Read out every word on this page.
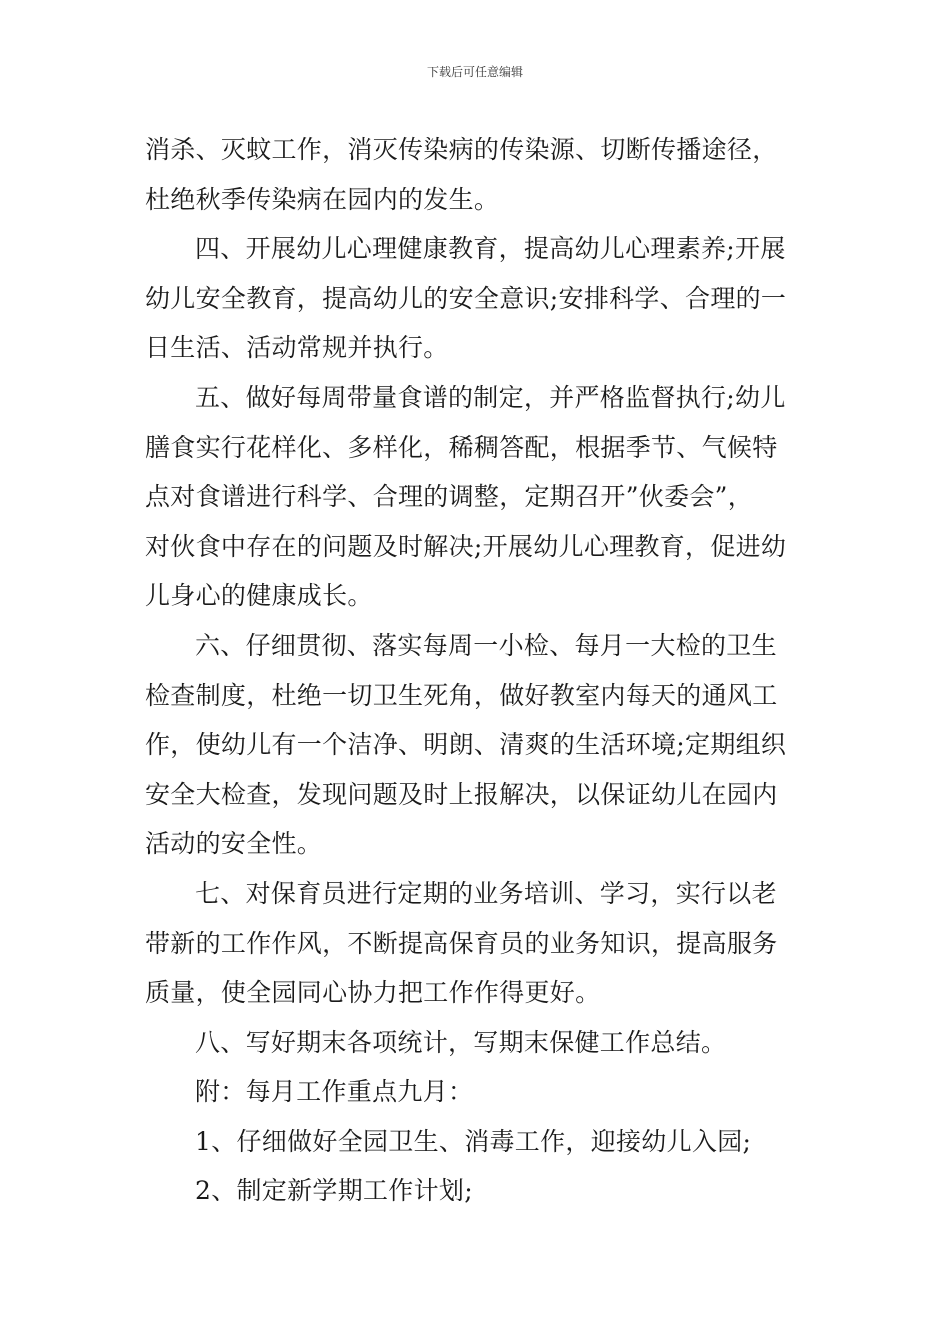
下载后可任意编辑
消杀、灭蚊工作，消灭传染病的传染源、切断传播途径，
杜绝秋季传染病在园内的发生。
四、开展幼儿心理健康教育，提高幼儿心理素养;开展
幼儿安全教育，提高幼儿的安全意识;安排科学、合理的一
日生活、活动常规并执行。
五、做好每周带量食谱的制定，并严格监督执行;幼儿
膳食实行花样化、多样化，稀稠答配，根据季节、气候特
点对食谱进行科学、合理的调整，定期召开”伙委会”，
对伙食中存在的问题及时解决;开展幼儿心理教育，促进幼
儿身心的健康成长。
六、仔细贯彻、落实每周一小检、每月一大检的卫生
检查制度，杜绝一切卫生死角，做好教室内每天的通风工
作，使幼儿有一个洁净、明朗、清爽的生活环境;定期组织
安全大检查，发现问题及时上报解决，以保证幼儿在园内
活动的安全性。
七、对保育员进行定期的业务培训、学习，实行以老
带新的工作作风，不断提高保育员的业务知识，提高服务
质量，使全园同心协力把工作作得更好。
八、写好期末各项统计，写期末保健工作总结。
附：每月工作重点九月：
1、仔细做好全园卫生、消毒工作，迎接幼儿入园;
2、制定新学期工作计划;
